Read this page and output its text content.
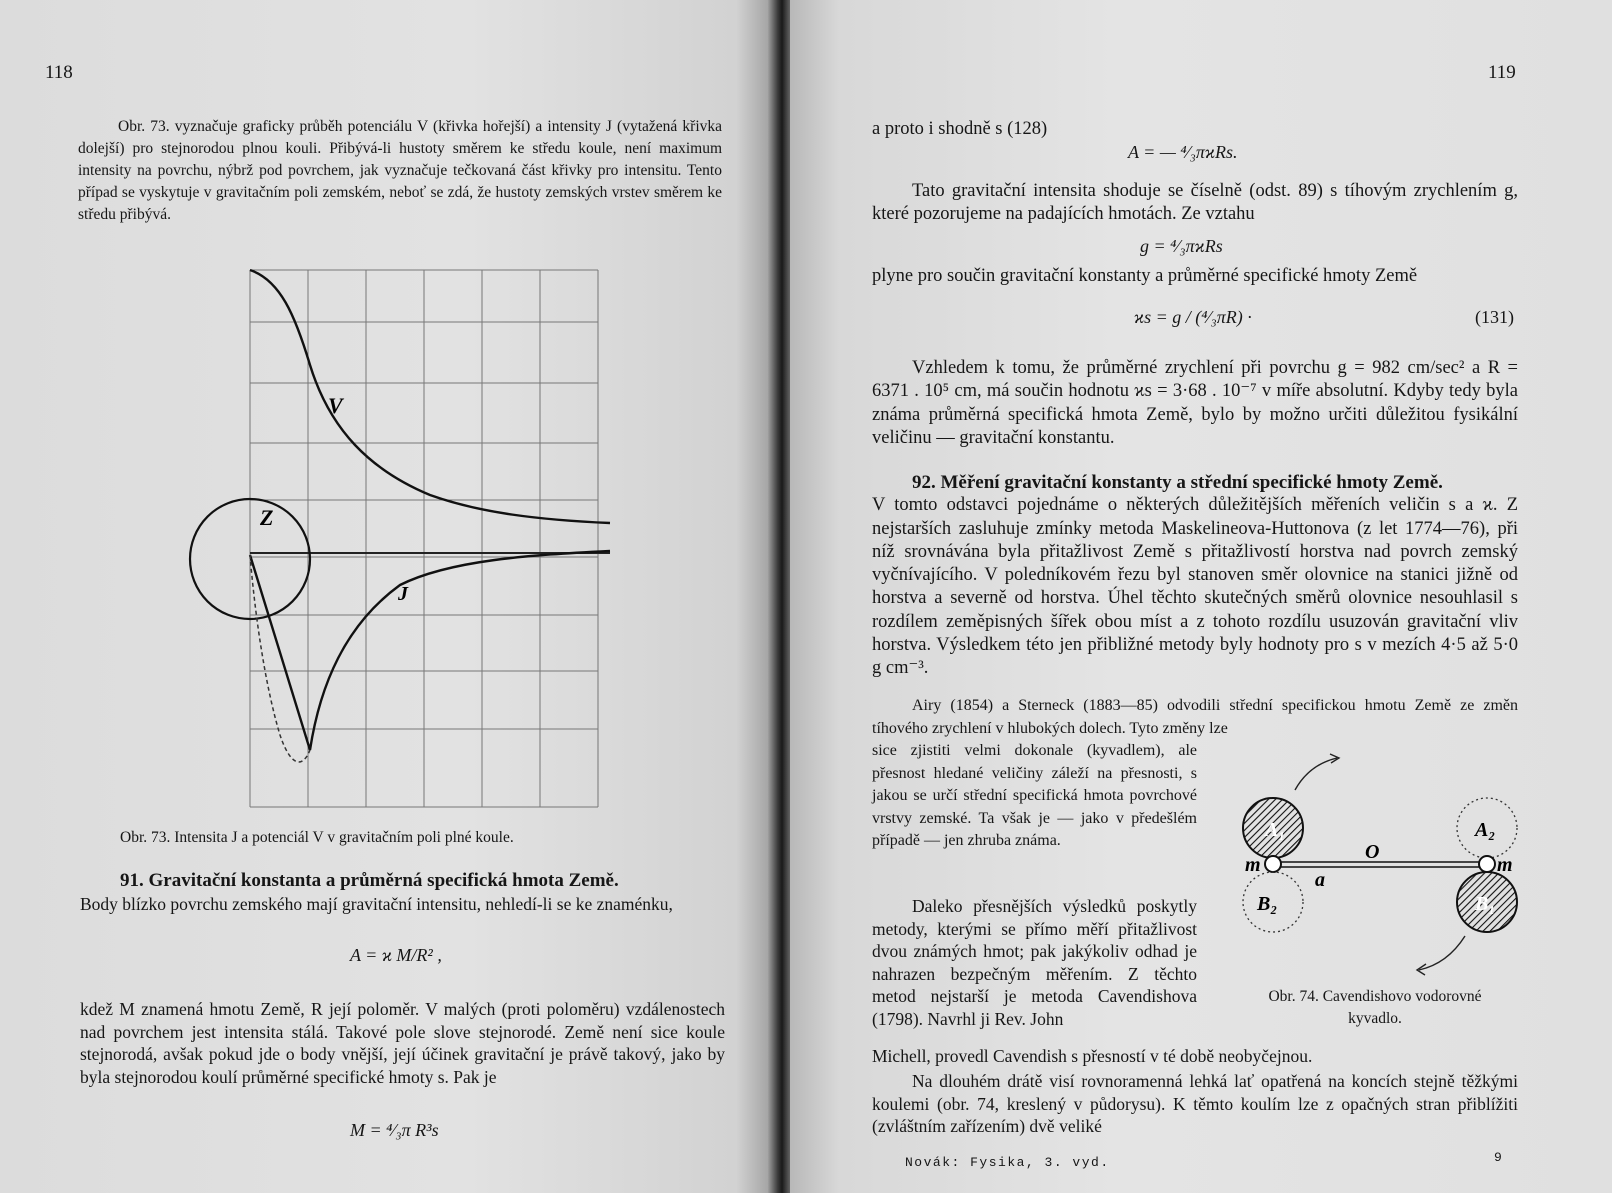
118

Obr. 73. vyznačuje graficky průběh potenciálu V (křivka hořejší) a intensity J (vytažená křivka dolejší) pro stejnorodou plnou kouli. Přibývá-li hustoty směrem ke středu koule, není maximum intensity na povrchu, nýbrž pod povrchem, jak vyznačuje tečkovaná část křivky pro intensitu. Tento případ se vyskytuje v gravitačním poli zemském, neboť se zdá, že hustoty zemských vrstev směrem ke středu přibývá.

V
Z
J
Obr. 73. Intensita J a potenciál V v gravitačním poli plné koule.

91. Gravitační konstanta a průměrná specifická hmota Země.

Body blízko povrchu zemského mají gravitační intensitu, nehledí-li se ke znaménku,

A = ϰ M/R² ,

kdež M znamená hmotu Země, R její poloměr. V malých (proti poloměru) vzdálenostech nad povrchem jest intensita stálá. Takové pole slove stejnorodé. Země není sice koule stejnorodá, avšak pokud jde o body vnější, její účinek gravitační je právě takový, jako by byla stejnorodou koulí průměrné specifické hmoty s. Pak je

M = ⁴⁄₃π R³s
119
a proto i shodně s (128)
A = — ⁴⁄₃πϰRs.

Tato gravitační intensita shoduje se číselně (odst. 89) s tíhovým zrychlením g, které pozorujeme na padajících hmotách. Ze vztahu

g = ⁴⁄₃πϰRs
plyne pro součin gravitační konstanty a průměrné specifické hmoty Země
ϰs = g / (⁴⁄₃πR) ·	(131)

Vzhledem k tomu, že průměrné zrychlení při povrchu g = 982 cm/sec² a R = 6371 . 10⁵ cm, má součin hodnotu ϰs = 3·68 . 10⁻⁷ v míře absolutní. Kdyby tedy byla známa průměrná specifická hmota Země, bylo by možno určiti důležitou fysikální veličinu — gravitační konstantu.

92. Měření gravitační konstanty a střední specifické hmoty Země.

V tomto odstavci pojednáme o některých důležitějších měřeních veličin s a ϰ. Z nejstarších zasluhuje zmínky metoda Maskelineova-Huttonova (z let 1774—76), při níž srovnávána byla přitažlivost Země s přitažlivostí horstva nad povrch zemský vyčnívajícího. V poledníkovém řezu byl stanoven směr olovnice na stanici jižně od horstva a severně od horstva. Úhel těchto skutečných směrů olovnice nesouhlasil s rozdílem zeměpisných šířek obou míst a z tohoto rozdílu usuzován gravitační vliv horstva. Výsledkem této jen přibližné metody byly hodnoty pro s v mezích 4·5 až 5·0 g cm⁻³.

Airy (1854) a Sterneck (1883—85) odvodili střední specifickou hmotu Země ze změn tíhového zrychlení v hlubokých dolech. Tyto změny lze

sice zjistiti velmi dokonale (kyvadlem), ale přesnost hledané veličiny záleží na přesnosti, s jakou se určí střední specifická hmota povrchové vrstvy zemské. Ta však je — jako v předešlém případě — jen zhruba známa.

Daleko přesnějších výsledků poskytly metody, kterými se přímo měří přitažlivost dvou známých hmot; pak jakýkoliv odhad je nahrazen bezpečným měřením. Z těchto metod nejstarší je metoda Cavendishova (1798). Navrhl ji Rev. John

A₁	A₂
m	m
O
a
B₂	B₁
Obr. 74. Cavendishovo vodorovné
kyvadlo.
Michell, provedl Cavendish s přesností v té době neobyčejnou.

Na dlouhém drátě visí rovnoramenná lehká lať opatřená na koncích stejně těžkými koulemi (obr. 74, kreslený v půdorysu). K těmto koulím lze z opačných stran přiblížiti (zvláštním zařízením) dvě veliké

Novák: Fysika, 3. vyd.	9
